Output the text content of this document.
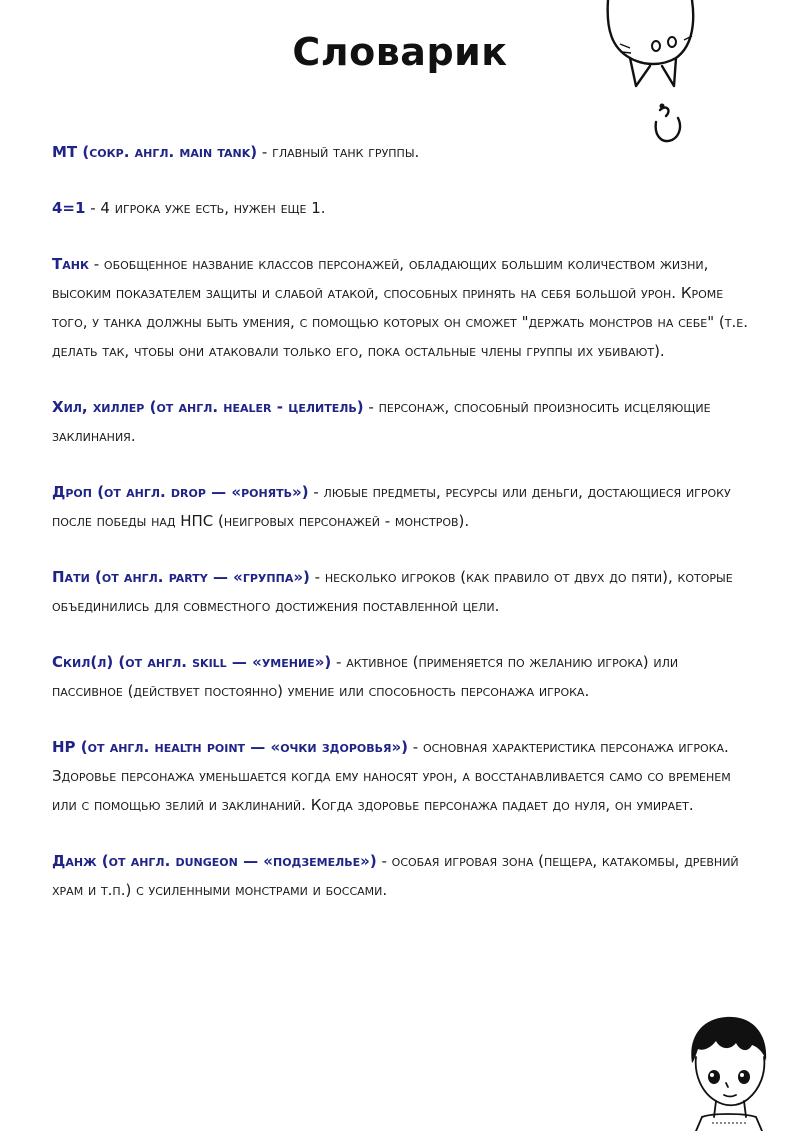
Словарик

МТ (сокр. англ. main tank) - главный танк группы.

4=1 - 4 игрока уже есть, нужен еще 1.

Танк - обобщенное название классов персонажей, обладающих большим количеством жизни, высоким показателем защиты и слабой атакой, способных принять на себя большой урон. Кроме того, у танка должны быть умения, с помощью которых он сможет "держать монстров на себе" (т.е. делать так, чтобы они атаковали только его, пока остальные члены группы их убивают).

Хил, хиллер (от англ. healer - целитель) - персонаж, способный произносить исцеляющие заклинания.

Дроп (от англ. drop — «ронять») - любые предметы, ресурсы или деньги, достающиеся игроку после победы над НПС (неигровых персонажей - монстров).

Пати (от англ. party — «группа») - несколько игроков (как правило от двух до пяти), которые объединились для совместного достижения поставленной цели.

Скил(л) (от англ. skill — «умение») - активное (применяется по желанию игрока) или пассивное (действует постоянно) умение или способность персонажа игрока.

HP (от англ. health point — «очки здоровья») - основная характеристика персонажа игрока. Здоровье персонажа уменьшается когда ему наносят урон, а восстанавливается само со временем или с помощью зелий и заклинаний. Когда здоровье персонажа падает до нуля, он умирает.

Данж (от англ. dungeon — «подземелье») - особая игровая зона (пещера, катакомбы, древний храм и т.п.) с усиленными монстрами и боссами.
